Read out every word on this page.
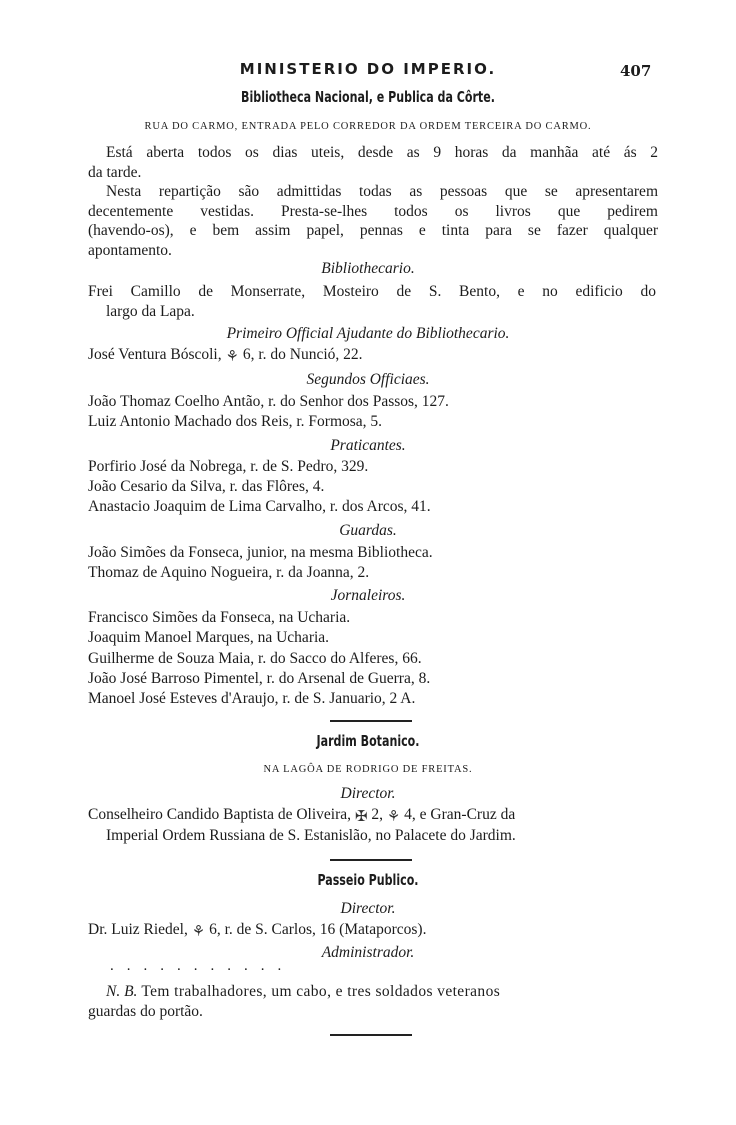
MINISTERIO DO IMPERIO.	407
Bibliotheca Nacional, e Publica da Côrte.
RUA DO CARMO, ENTRADA PELO CORREDOR DA ORDEM TERCEIRA DO CARMO.
Está aberta todos os dias uteis, desde as 9 horas da manhãa até ás 2
da tarde.
Nesta repartição são admittidas todas as pessoas que se apresentarem
decentemente vestidas. Presta-se-lhes todos os livros que pedirem
(havendo-os), e bem assim papel, pennas e tinta para se fazer qualquer
apontamento.
Bibliothecario.
Frei Camillo de Monserrate, Mosteiro de S. Bento, e no edificio do
largo da Lapa.
Primeiro Official Ajudante do Bibliothecario.
José Ventura Bóscoli, ⚘ 6, r. do Nunció, 22.
Segundos Officiaes.
João Thomaz Coelho Antão, r. do Senhor dos Passos, 127.
Luiz Antonio Machado dos Reis, r. Formosa, 5.
Praticantes.
Porfirio José da Nobrega, r. de S. Pedro, 329.
João Cesario da Silva, r. das Flôres, 4.
Anastacio Joaquim de Lima Carvalho, r. dos Arcos, 41.
Guardas.
João Simões da Fonseca, junior, na mesma Bibliotheca.
Thomaz de Aquino Nogueira, r. da Joanna, 2.
Jornaleiros.
Francisco Simões da Fonseca, na Ucharia.
Joaquim Manoel Marques, na Ucharia.
Guilherme de Souza Maia, r. do Sacco do Alferes, 66.
João José Barroso Pimentel, r. do Arsenal de Guerra, 8.
Manoel José Esteves d'Araujo, r. de S. Januario, 2 A.
Jardim Botanico.
NA LAGÔA DE RODRIGO DE FREITAS.
Director.
Conselheiro Candido Baptista de Oliveira, ✠ 2, ⚘ 4, e Gran-Cruz da
Imperial Ordem Russiana de S. Estanislão, no Palacete do Jardim.
Passeio Publico.
Director.
Dr. Luiz Riedel, ⚘ 6, r. de S. Carlos, 16 (Mataporcos).
Administrador.
...........
N. B. Tem trabalhadores, um cabo, e tres soldados veteranos
guardas do portão.
